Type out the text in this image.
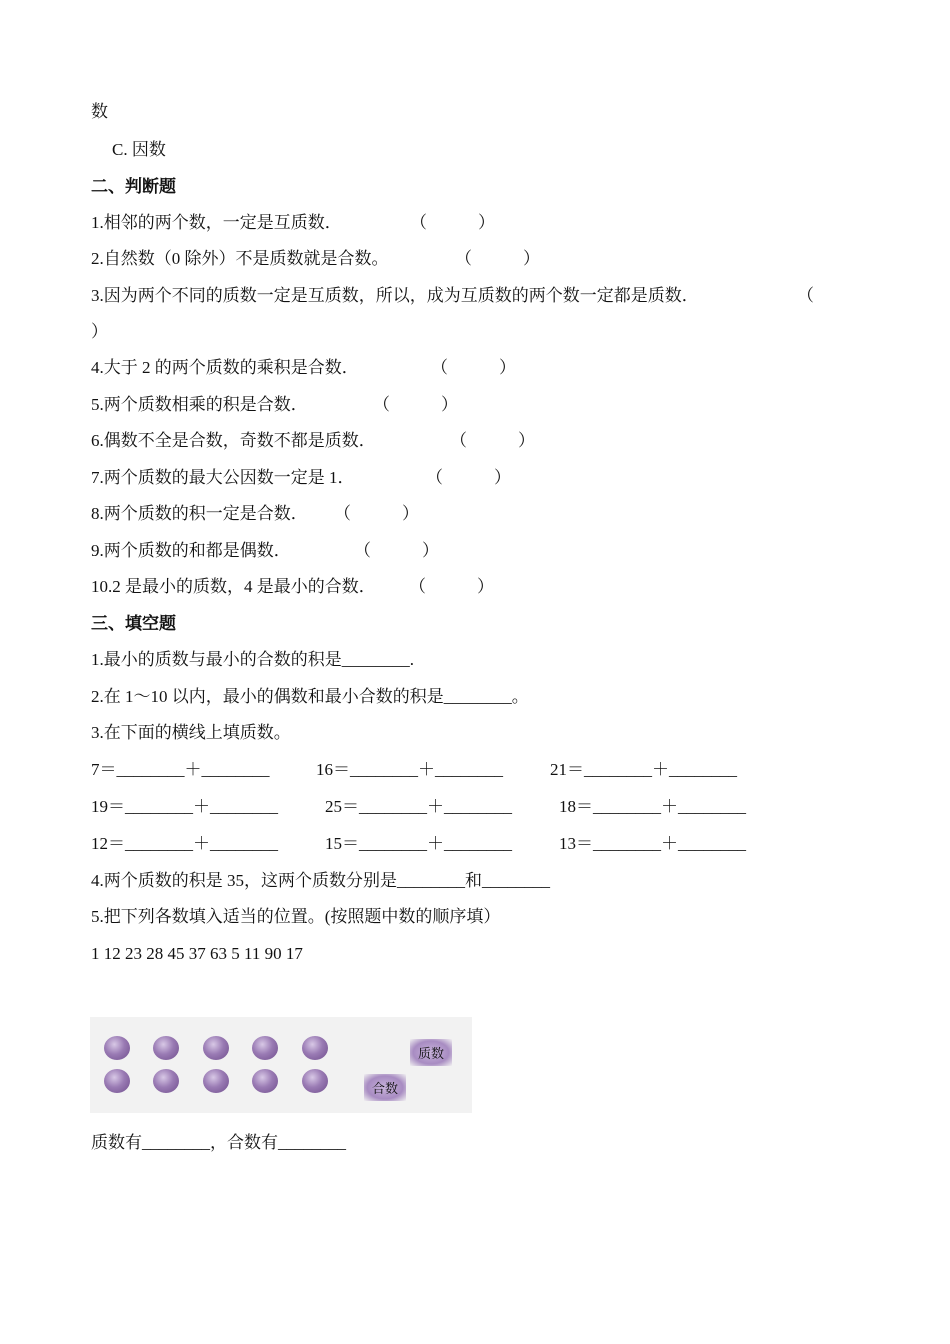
数
C. 因数
二、判断题
1.相邻的两个数，一定是互质数．	（　　　）
2.自然数（0 除外）不是质数就是合数。	（　　　）
3.因为两个不同的质数一定是互质数，所以，成为互质数的两个数一定都是质数．	（
）
4.大于 2 的两个质数的乘积是合数．	（　　　）
5.两个质数相乘的积是合数．	（　　　）
6.偶数不全是合数，奇数不都是质数．	（　　　）
7.两个质数的最大公因数一定是 1．	（　　　）
8.两个质数的积一定是合数． （　　　）
9.两个质数的和都是偶数．	（　　　）
10.2 是最小的质数，4 是最小的合数． （　　　）
三、填空题
1.最小的质数与最小的合数的积是________.
2.在 1～10 以内，最小的偶数和最小合数的积是________。
3.在下面的横线上填质数。
7＝________＋________	16＝________＋________	21＝________＋________
19＝________＋________	25＝________＋________	18＝________＋________
12＝________＋________	15＝________＋________	13＝________＋________
4.两个质数的积是 35，这两个质数分别是________和________
5.把下列各数填入适当的位置。(按照题中数的顺序填）
1 12 23 28 45 37 63 5 11 90 17
质数
合数
质数有________，合数有________
